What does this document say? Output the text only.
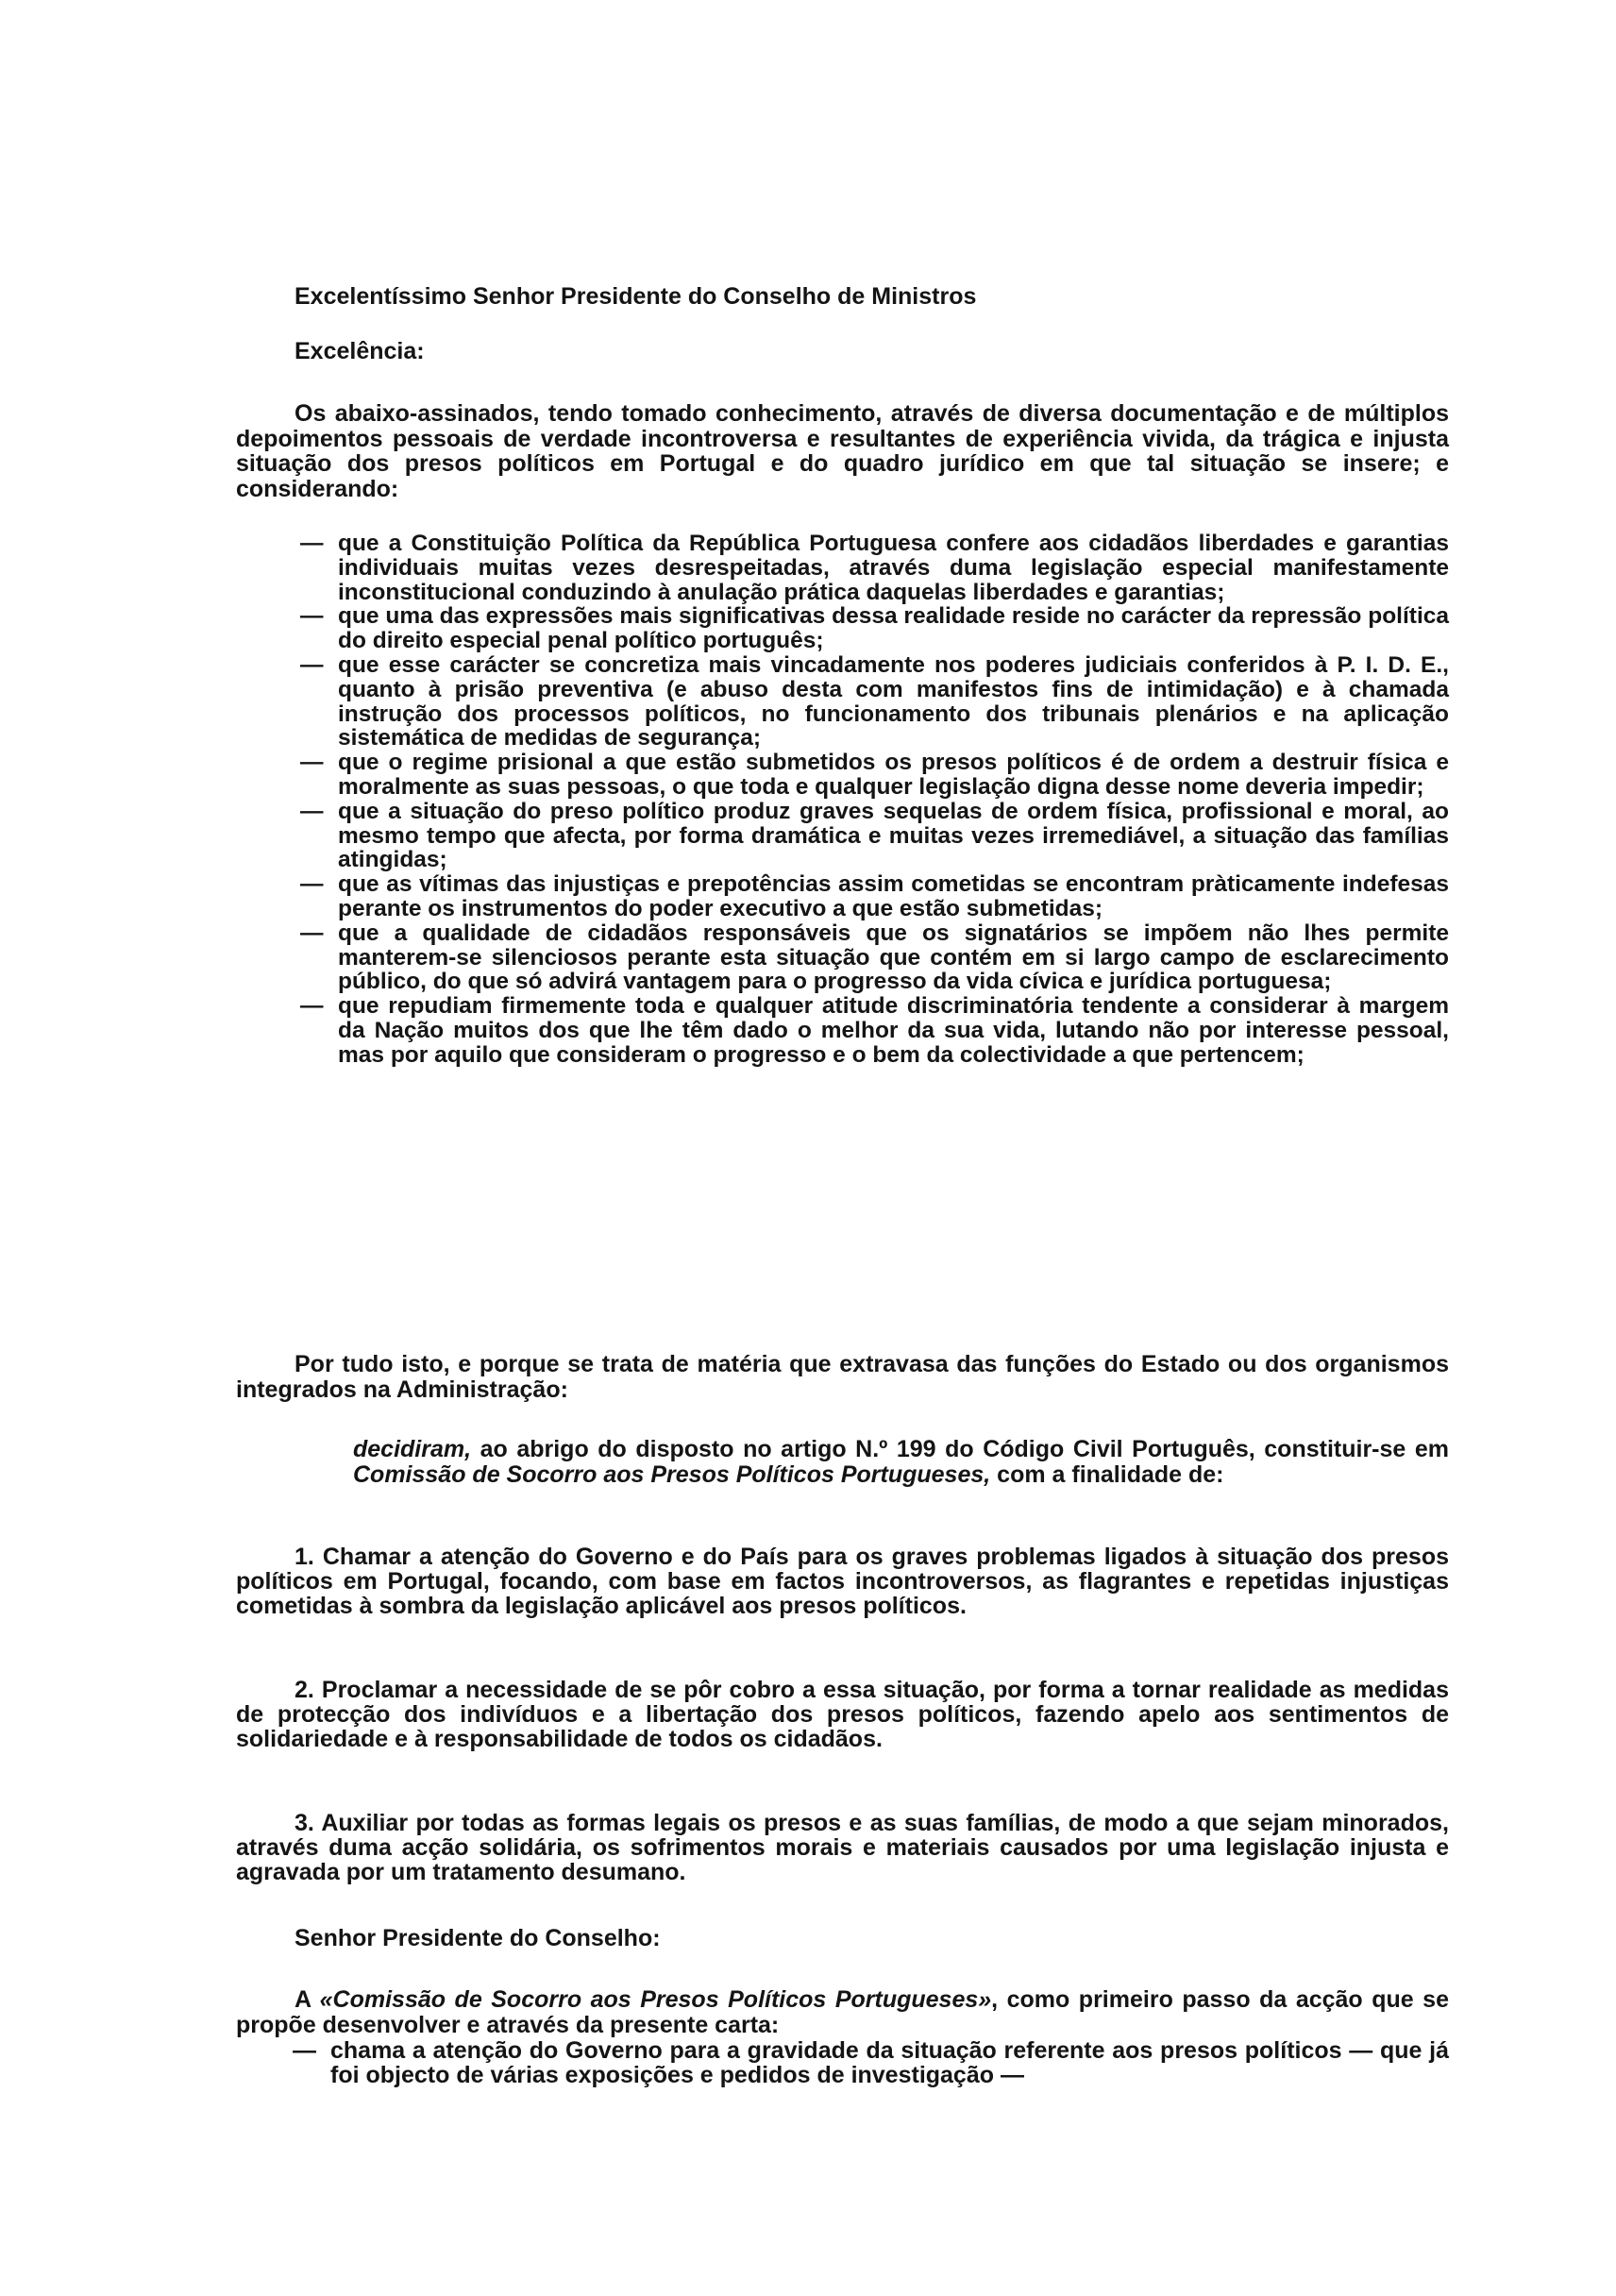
Excelentíssimo Senhor Presidente do Conselho de Ministros
Excelência:
Os abaixo-assinados, tendo tomado conhecimento, através de diversa documentação e de múltiplos depoimentos pessoais de verdade incontroversa e resultantes de experiência vivida, da trágica e injusta situação dos presos políticos em Portugal e do quadro jurídico em que tal situação se insere; e considerando:
— que a Constituição Política da República Portuguesa confere aos cidadãos liberdades e garantias individuais muitas vezes desrespeitadas, através duma legislação especial manifestamente inconstitucional conduzindo à anulação prática daquelas liberdades e garantias;
— que uma das expressões mais significativas dessa realidade reside no carácter da repressão política do direito especial penal político português;
— que esse carácter se concretiza mais vincadamente nos poderes judiciais conferidos à P. I. D. E., quanto à prisão preventiva (e abuso desta com manifestos fins de intimidação) e à chamada instrução dos processos políticos, no funcionamento dos tribunais plenários e na aplicação sistemática de medidas de segurança;
— que o regime prisional a que estão submetidos os presos políticos é de ordem a destruir física e moralmente as suas pessoas, o que toda e qualquer legislação digna desse nome deveria impedir;
— que a situação do preso político produz graves sequelas de ordem física, profissional e moral, ao mesmo tempo que afecta, por forma dramática e muitas vezes irremediável, a situação das famílias atingidas;
— que as vítimas das injustiças e prepotências assim cometidas se encontram pràticamente indefesas perante os instrumentos do poder executivo a que estão submetidas;
— que a qualidade de cidadãos responsáveis que os signatários se impõem não lhes permite manterem-se silenciosos perante esta situação que contém em si largo campo de esclarecimento público, do que só advirá vantagem para o progresso da vida cívica e jurídica portuguesa;
— que repudiam firmemente toda e qualquer atitude discriminatória tendente a considerar à margem da Nação muitos dos que lhe têm dado o melhor da sua vida, lutando não por interesse pessoal, mas por aquilo que consideram o progresso e o bem da colectividade a que pertencem;
Por tudo isto, e porque se trata de matéria que extravasa das funções do Estado ou dos organismos integrados na Administração:
decidiram, ao abrigo do disposto no artigo N.º 199 do Código Civil Português, constituir-se em Comissão de Socorro aos Presos Políticos Portugueses, com a finalidade de:
1. Chamar a atenção do Governo e do País para os graves problemas ligados à situação dos presos políticos em Portugal, focando, com base em factos incontroversos, as flagrantes e repetidas injustiças cometidas à sombra da legislação aplicável aos presos políticos.
2. Proclamar a necessidade de se pôr cobro a essa situação, por forma a tornar realidade as medidas de protecção dos indivíduos e a libertação dos presos políticos, fazendo apelo aos sentimentos de solidariedade e à responsabilidade de todos os cidadãos.
3. Auxiliar por todas as formas legais os presos e as suas famílias, de modo a que sejam minorados, através duma acção solidária, os sofrimentos morais e materiais causados por uma legislação injusta e agravada por um tratamento desumano.
Senhor Presidente do Conselho:
A «Comissão de Socorro aos Presos Políticos Portugueses», como primeiro passo da acção que se propõe desenvolver e através da presente carta:
— chama a atenção do Governo para a gravidade da situação referente aos presos políticos — que já foi objecto de várias exposições e pedidos de investigação —
